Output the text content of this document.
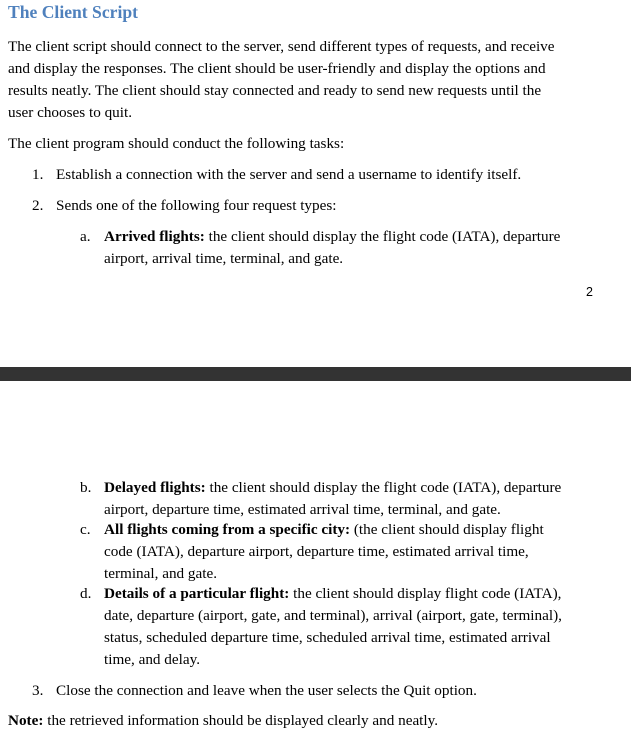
The Client Script
The client script should connect to the server, send different types of requests, and receive
and display the responses. The client should be user-friendly and display the options and
results neatly. The client should stay connected and ready to send new requests until the
user chooses to quit.
The client program should conduct the following tasks:
1. Establish a connection with the server and send a username to identify itself.
2. Sends one of the following four request types:
a. Arrived flights: the client should display the flight code (IATA), departure
airport, arrival time, terminal, and gate.
2
b. Delayed flights: the client should display the flight code (IATA), departure
airport, departure time, estimated arrival time, terminal, and gate.
c. All flights coming from a specific city: (the client should display flight
code (IATA), departure airport, departure time, estimated arrival time,
terminal, and gate.
d. Details of a particular flight: the client should display flight code (IATA),
date, departure (airport, gate, and terminal), arrival (airport, gate, terminal),
status, scheduled departure time, scheduled arrival time, estimated arrival
time, and delay.
3. Close the connection and leave when the user selects the Quit option.
Note: the retrieved information should be displayed clearly and neatly.
